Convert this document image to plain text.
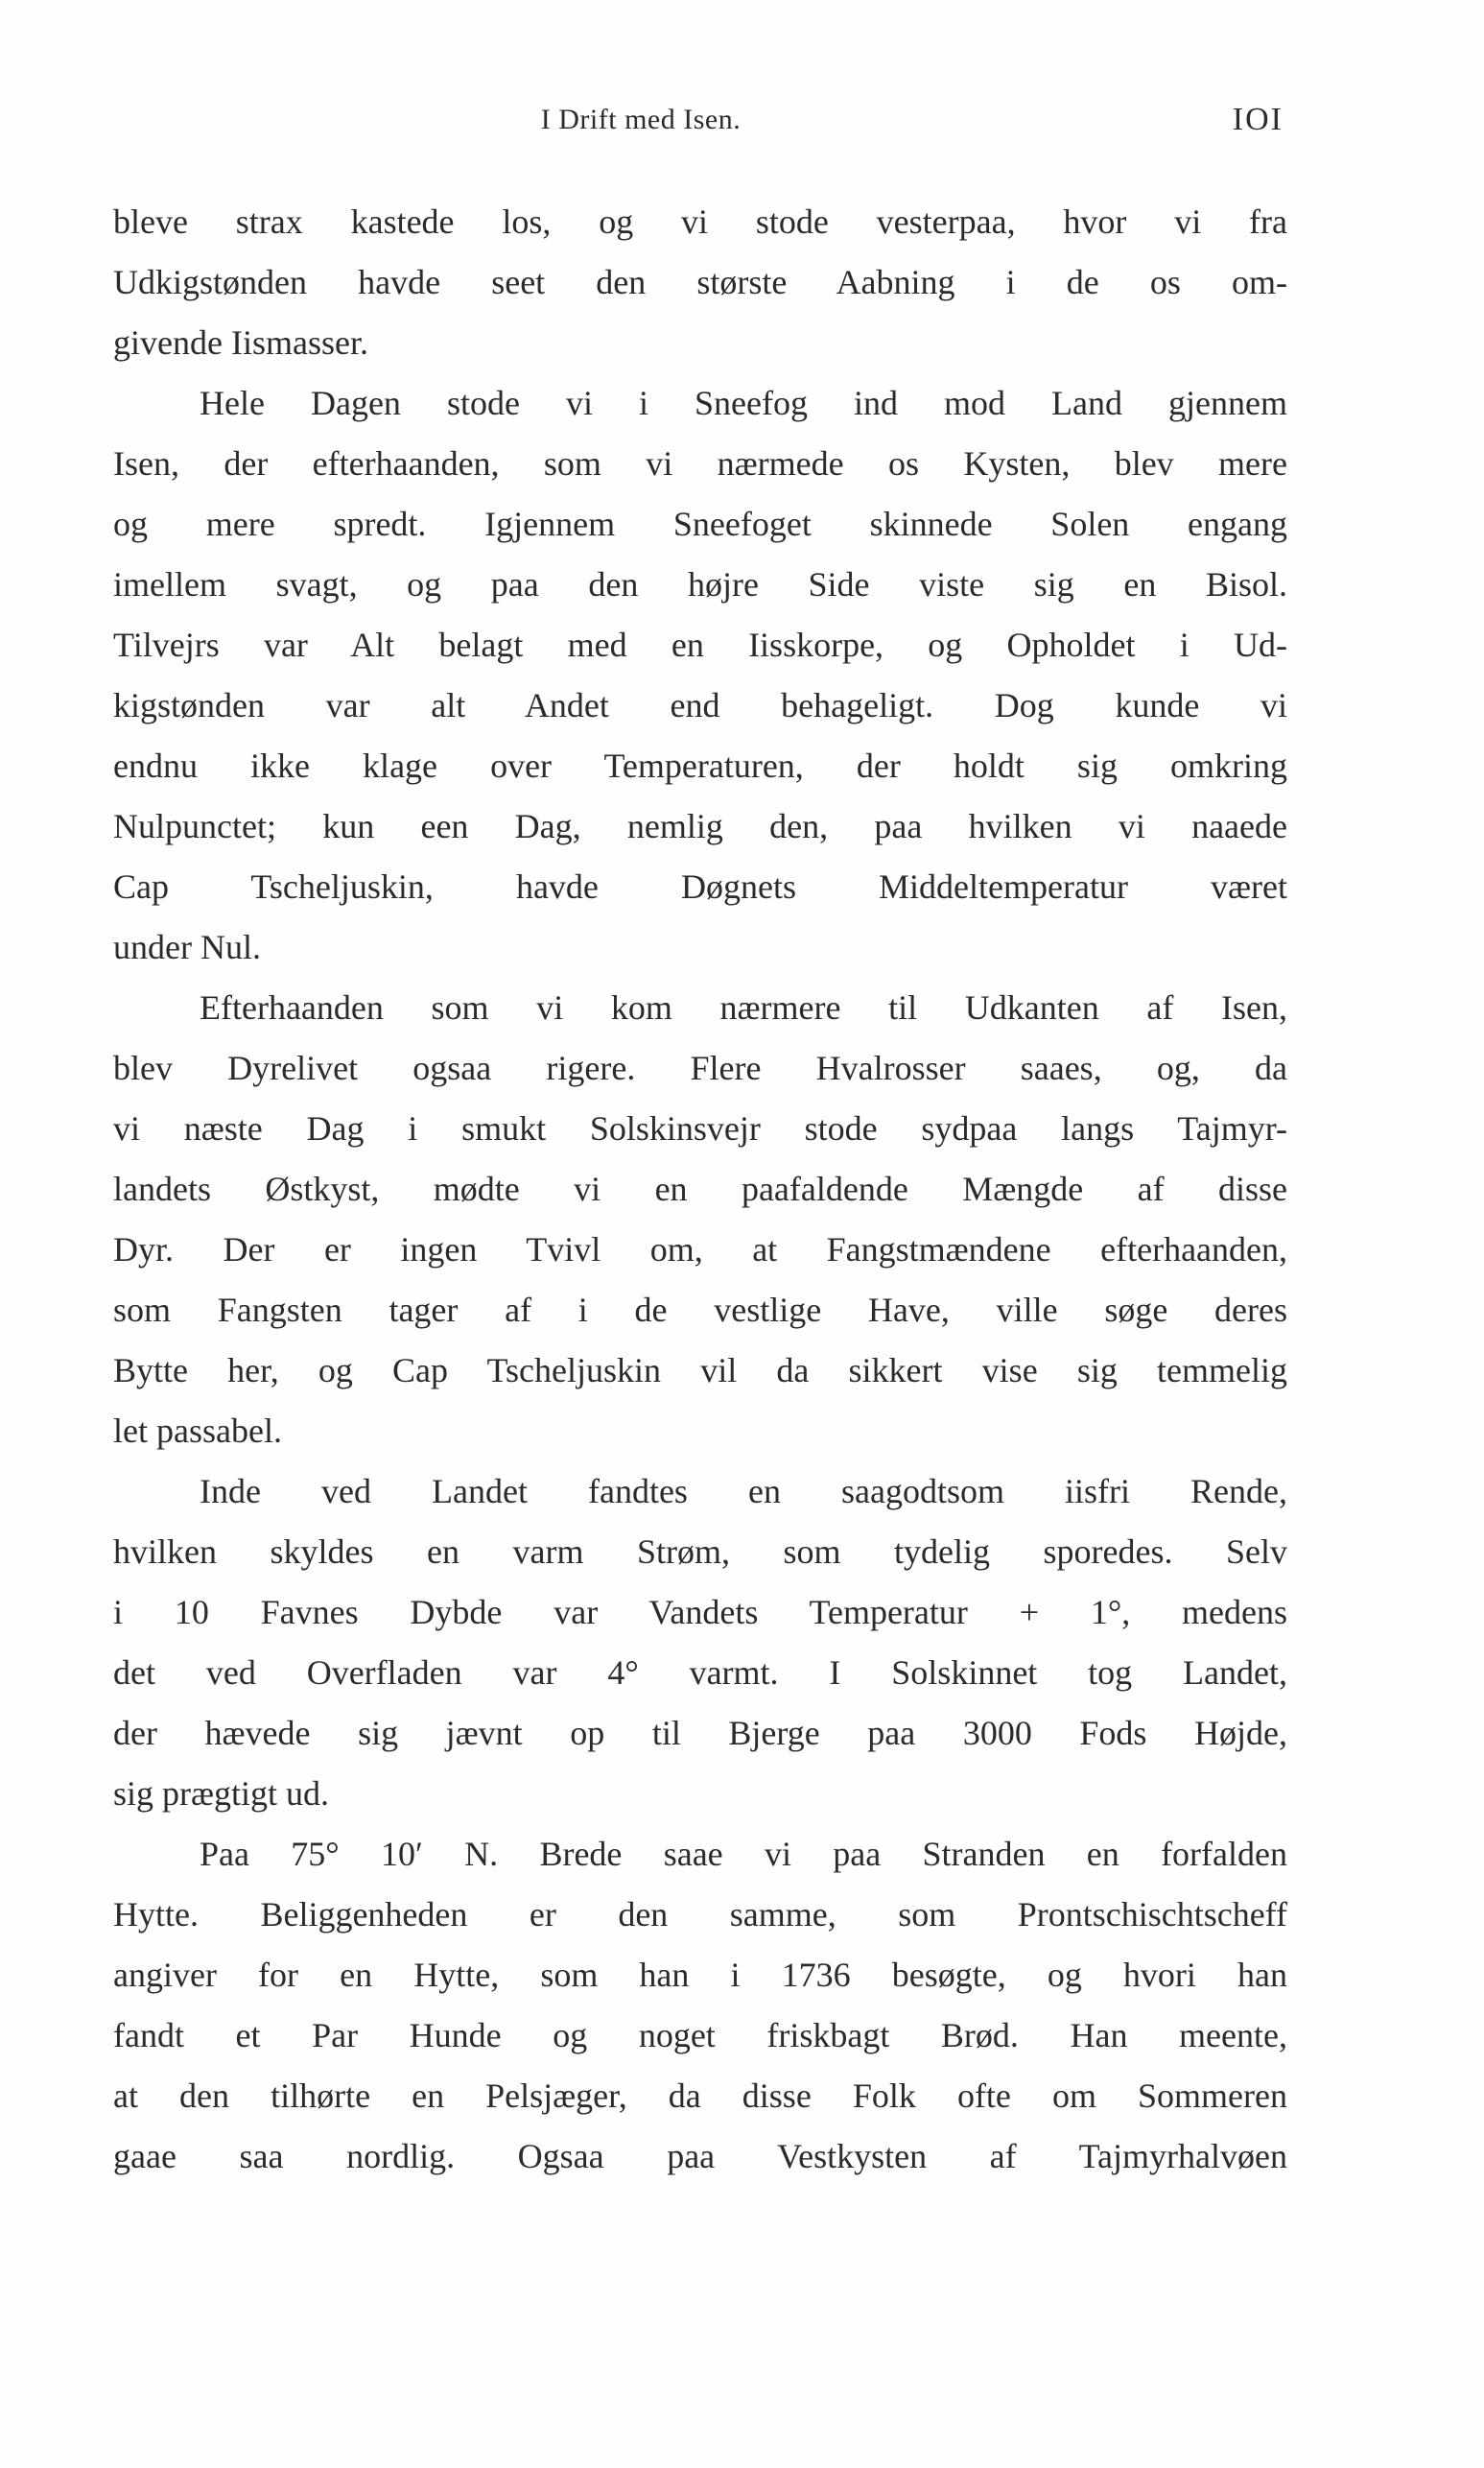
I Drift med Isen.	IOI
bleve strax kastede los, og vi stode vesterpaa, hvor vi fra
Udkigstønden havde seet den største Aabning i de os om-
givende Iismasser.
Hele Dagen stode vi i Sneefog ind mod Land gjennem
Isen, der efterhaanden, som vi nærmede os Kysten, blev mere
og mere spredt. Igjennem Sneefoget skinnede Solen engang
imellem svagt, og paa den højre Side viste sig en Bisol.
Tilvejrs var Alt belagt med en Iisskorpe, og Opholdet i Ud-
kigstønden var alt Andet end behageligt. Dog kunde vi
endnu ikke klage over Temperaturen, der holdt sig omkring
Nulpunctet; kun een Dag, nemlig den, paa hvilken vi naaede
Cap Tscheljuskin, havde Døgnets Middeltemperatur været
under Nul.
Efterhaanden som vi kom nærmere til Udkanten af Isen,
blev Dyrelivet ogsaa rigere. Flere Hvalrosser saaes, og, da
vi næste Dag i smukt Solskinsvejr stode sydpaa langs Tajmyr-
landets Østkyst, mødte vi en paafaldende Mængde af disse
Dyr. Der er ingen Tvivl om, at Fangstmændene efterhaanden,
som Fangsten tager af i de vestlige Have, ville søge deres
Bytte her, og Cap Tscheljuskin vil da sikkert vise sig temmelig
let passabel.
Inde ved Landet fandtes en saagodtsom iisfri Rende,
hvilken skyldes en varm Strøm, som tydelig sporedes. Selv
i 10 Favnes Dybde var Vandets Temperatur + 1°, medens
det ved Overfladen var 4° varmt. I Solskinnet tog Landet,
der hævede sig jævnt op til Bjerge paa 3000 Fods Højde,
sig prægtigt ud.
Paa 75° 10′ N. Brede saae vi paa Stranden en forfalden
Hytte. Beliggenheden er den samme, som Prontschischtscheff
angiver for en Hytte, som han i 1736 besøgte, og hvori han
fandt et Par Hunde og noget friskbagt Brød. Han meente,
at den tilhørte en Pelsjæger, da disse Folk ofte om Sommeren
gaae saa nordlig. Ogsaa paa Vestkysten af Tajmyrhalvøen
